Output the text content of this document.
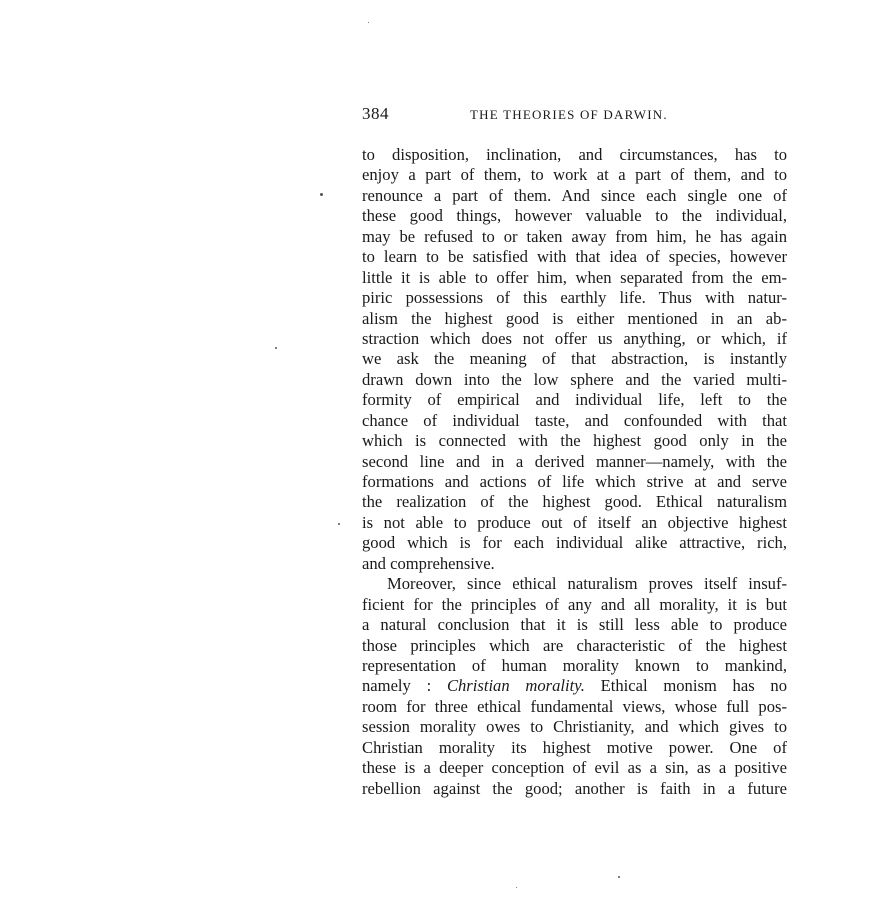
384	THE THEORIES OF DARWIN.
to disposition, inclination, and circumstances, has to
enjoy a part of them, to work at a part of them, and to
renounce a part of them. And since each single one of
these good things, however valuable to the individual,
may be refused to or taken away from him, he has again
to learn to be satisfied with that idea of species, however
little it is able to offer him, when separated from the em-
piric possessions of this earthly life. Thus with natur-
alism the highest good is either mentioned in an ab-
straction which does not offer us anything, or which, if
we ask the meaning of that abstraction, is instantly
drawn down into the low sphere and the varied multi-
formity of empirical and individual life, left to the
chance of individual taste, and confounded with that
which is connected with the highest good only in the
second line and in a derived manner—namely, with the
formations and actions of life which strive at and serve
the realization of the highest good. Ethical naturalism
is not able to produce out of itself an objective highest
good which is for each individual alike attractive, rich,
and comprehensive.
Moreover, since ethical naturalism proves itself insuf-
ficient for the principles of any and all morality, it is but
a natural conclusion that it is still less able to produce
those principles which are characteristic of the highest
representation of human morality known to mankind,
namely : Christian morality. Ethical monism has no
room for three ethical fundamental views, whose full pos-
session morality owes to Christianity, and which gives to
Christian morality its highest motive power. One of
these is a deeper conception of evil as a sin, as a positive
rebellion against the good; another is faith in a future
